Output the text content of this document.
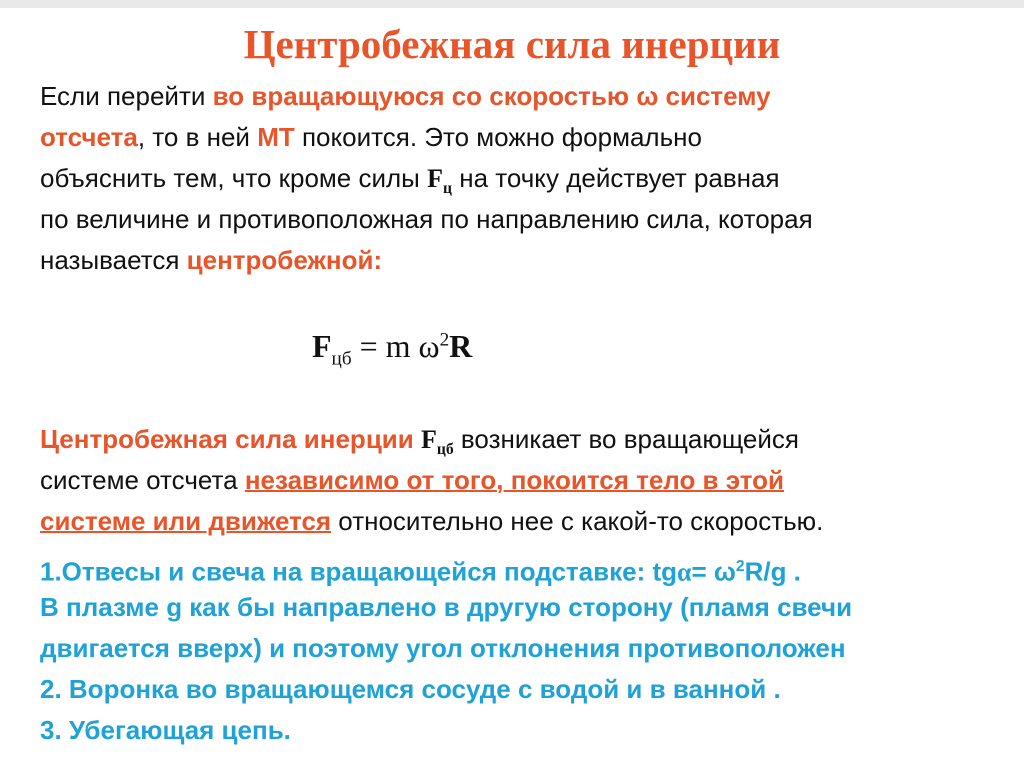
Центробежная сила инерции
Если перейти во вращающуюся со скоростью ω систему
отсчета, то в ней МТ покоится. Это можно формально
объяснить тем, что кроме силы $F_ц$ на точку действует равная
по величине и противоположная по направлению сила, которая
называется центробежной:
$F_{цб} = m$ $\omega^2R$
Центробежная сила инерции $F_{цб}$ возникает во вращающейся
системе отсчета независимо от того, покоится тело в этой
системе или движется относительно нее с какой-то скоростью.
1.Отвесы и свеча на вращающейся подставке: $tg\alpha= \omega^2R/g$ .
В плазме g как бы направлено в другую сторону (пламя свечи
двигается вверх) и поэтому угол отклонения противоположен
2. Воронка во вращающемся сосуде с водой и в ванной .
3. Убегающая цепь.
